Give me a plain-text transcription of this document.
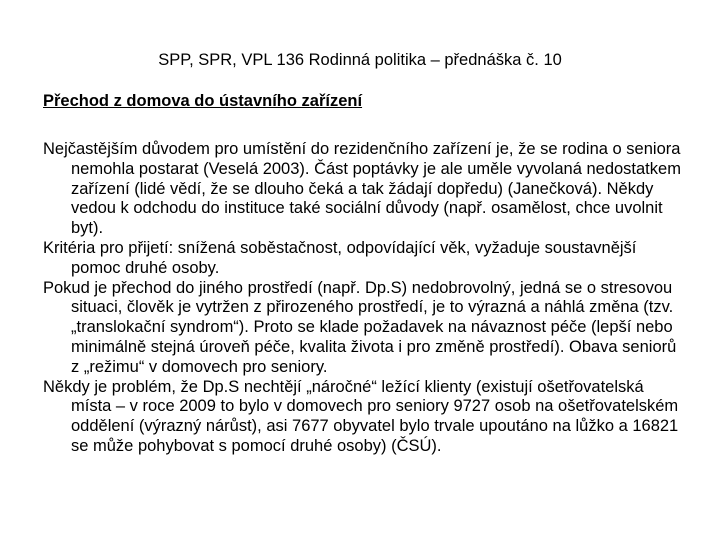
SPP, SPR, VPL 136 Rodinná politika – přednáška č. 10
Přechod z domova do ústavního zařízení
Nejčastějším důvodem pro umístění do rezidenčního zařízení je, že se rodina o seniora nemohla postarat (Veselá 2003). Část poptávky je ale uměle vyvolaná nedostatkem zařízení (lidé vědí, že se dlouho čeká a tak žádají dopředu) (Janečková). Někdy vedou k odchodu do instituce také sociální důvody (např. osamělost, chce uvolnit byt).
Kritéria pro přijetí: snížená soběstačnost, odpovídající věk, vyžaduje soustavnější pomoc druhé osoby.
Pokud je přechod do jiného prostředí (např. Dp.S) nedobrovolný, jedná se o stresovou situaci, člověk je vytržen z přirozeného prostředí, je to výrazná a náhlá změna (tzv. „translokační syndrom“). Proto se klade požadavek na návaznost péče (lepší nebo minimálně stejná úroveň péče, kvalita života i pro změně prostředí). Obava seniorů z „režimu“ v domovech pro seniory.
Někdy je problém, že Dp.S nechtějí „náročné“ ležící klienty (existují ošetřovatelská místa – v roce 2009 to bylo v domovech pro seniory 9727 osob na ošetřovatelském oddělení (výrazný nárůst), asi 7677 obyvatel bylo trvale upoutáno na lůžko a 16821 se může pohybovat s pomocí druhé osoby) (ČSÚ).
